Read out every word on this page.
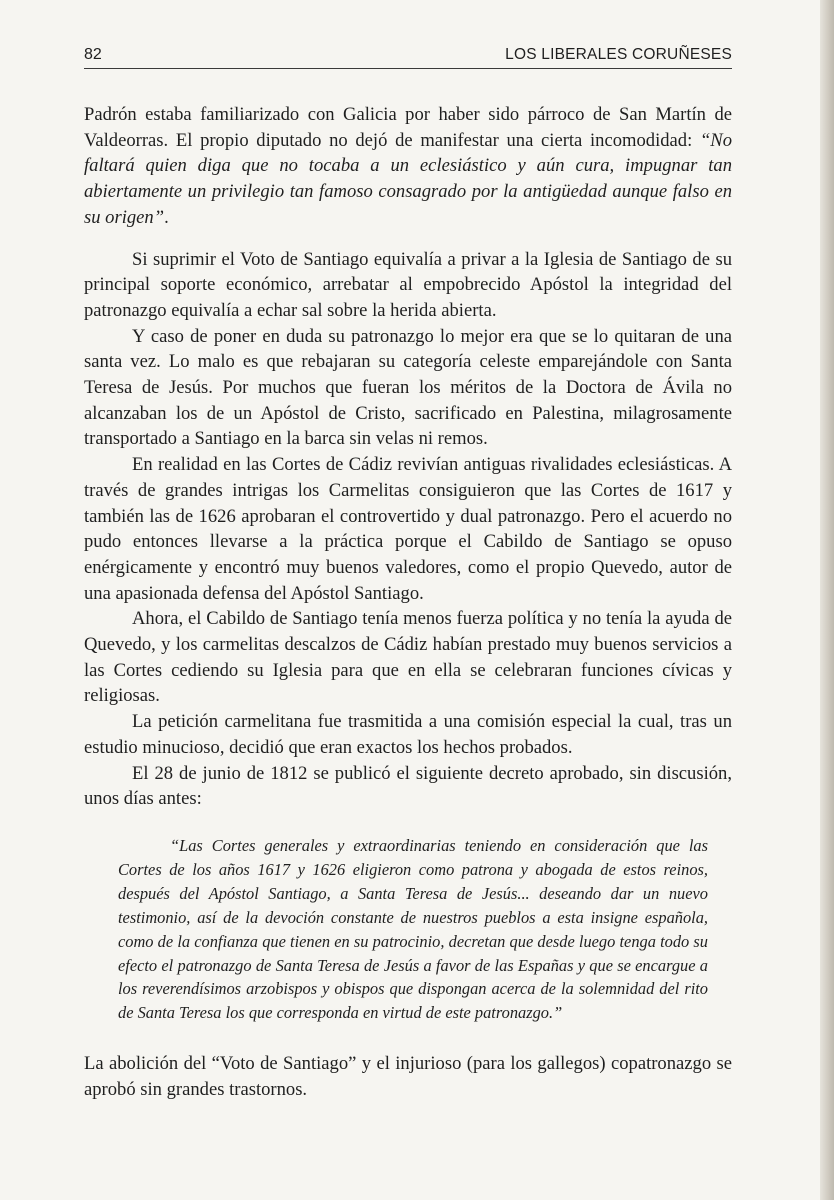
82	LOS LIBERALES CORUÑESES

Padrón estaba familiarizado con Galicia por haber sido párroco de San Martín de Valdeorras. El propio diputado no dejó de manifestar una cierta incomodidad: “No faltará quien diga que no tocaba a un eclesiástico y aún cura, impugnar tan abiertamente un privilegio tan famoso consagrado por la antigüedad aunque falso en su origen”.

Si suprimir el Voto de Santiago equivalía a privar a la Iglesia de Santiago de su principal soporte económico, arrebatar al empobrecido Apóstol la integridad del patronazgo equivalía a echar sal sobre la herida abierta.

Y caso de poner en duda su patronazgo lo mejor era que se lo quitaran de una santa vez. Lo malo es que rebajaran su categoría celeste emparejándole con Santa Teresa de Jesús. Por muchos que fueran los méritos de la Doctora de Ávila no alcanzaban los de un Apóstol de Cristo, sacrificado en Palestina, milagrosamente transportado a Santiago en la barca sin velas ni remos.

En realidad en las Cortes de Cádiz revivían antiguas rivalidades eclesiásticas. A través de grandes intrigas los Carmelitas consiguieron que las Cortes de 1617 y también las de 1626 aprobaran el controvertido y dual patronazgo. Pero el acuerdo no pudo entonces llevarse a la práctica porque el Cabildo de Santiago se opuso enérgicamente y encontró muy buenos valedores, como el propio Quevedo, autor de una apasionada defensa del Apóstol Santiago.

Ahora, el Cabildo de Santiago tenía menos fuerza política y no tenía la ayuda de Quevedo, y los carmelitas descalzos de Cádiz habían prestado muy buenos servicios a las Cortes cediendo su Iglesia para que en ella se celebraran funciones cívicas y religiosas.

La petición carmelitana fue trasmitida a una comisión especial la cual, tras un estudio minucioso, decidió que eran exactos los hechos probados.

El 28 de junio de 1812 se publicó el siguiente decreto aprobado, sin discusión, unos días antes:

“Las Cortes generales y extraordinarias teniendo en consideración que las Cortes de los años 1617 y 1626 eligieron como patrona y abogada de estos reinos, después del Apóstol Santiago, a Santa Teresa de Jesús... deseando dar un nuevo testimonio, así de la devoción constante de nuestros pueblos a esta insigne española, como de la confianza que tienen en su patrocinio, decretan que desde luego tenga todo su efecto el patronazgo de Santa Teresa de Jesús a favor de las Españas y que se encargue a los reverendísimos arzobispos y obispos que dispongan acerca de la solemnidad del rito de Santa Teresa los que corresponda en virtud de este patronazgo.”

La abolición del “Voto de Santiago” y el injurioso (para los gallegos) copatronazgo se aprobó sin grandes trastornos.
